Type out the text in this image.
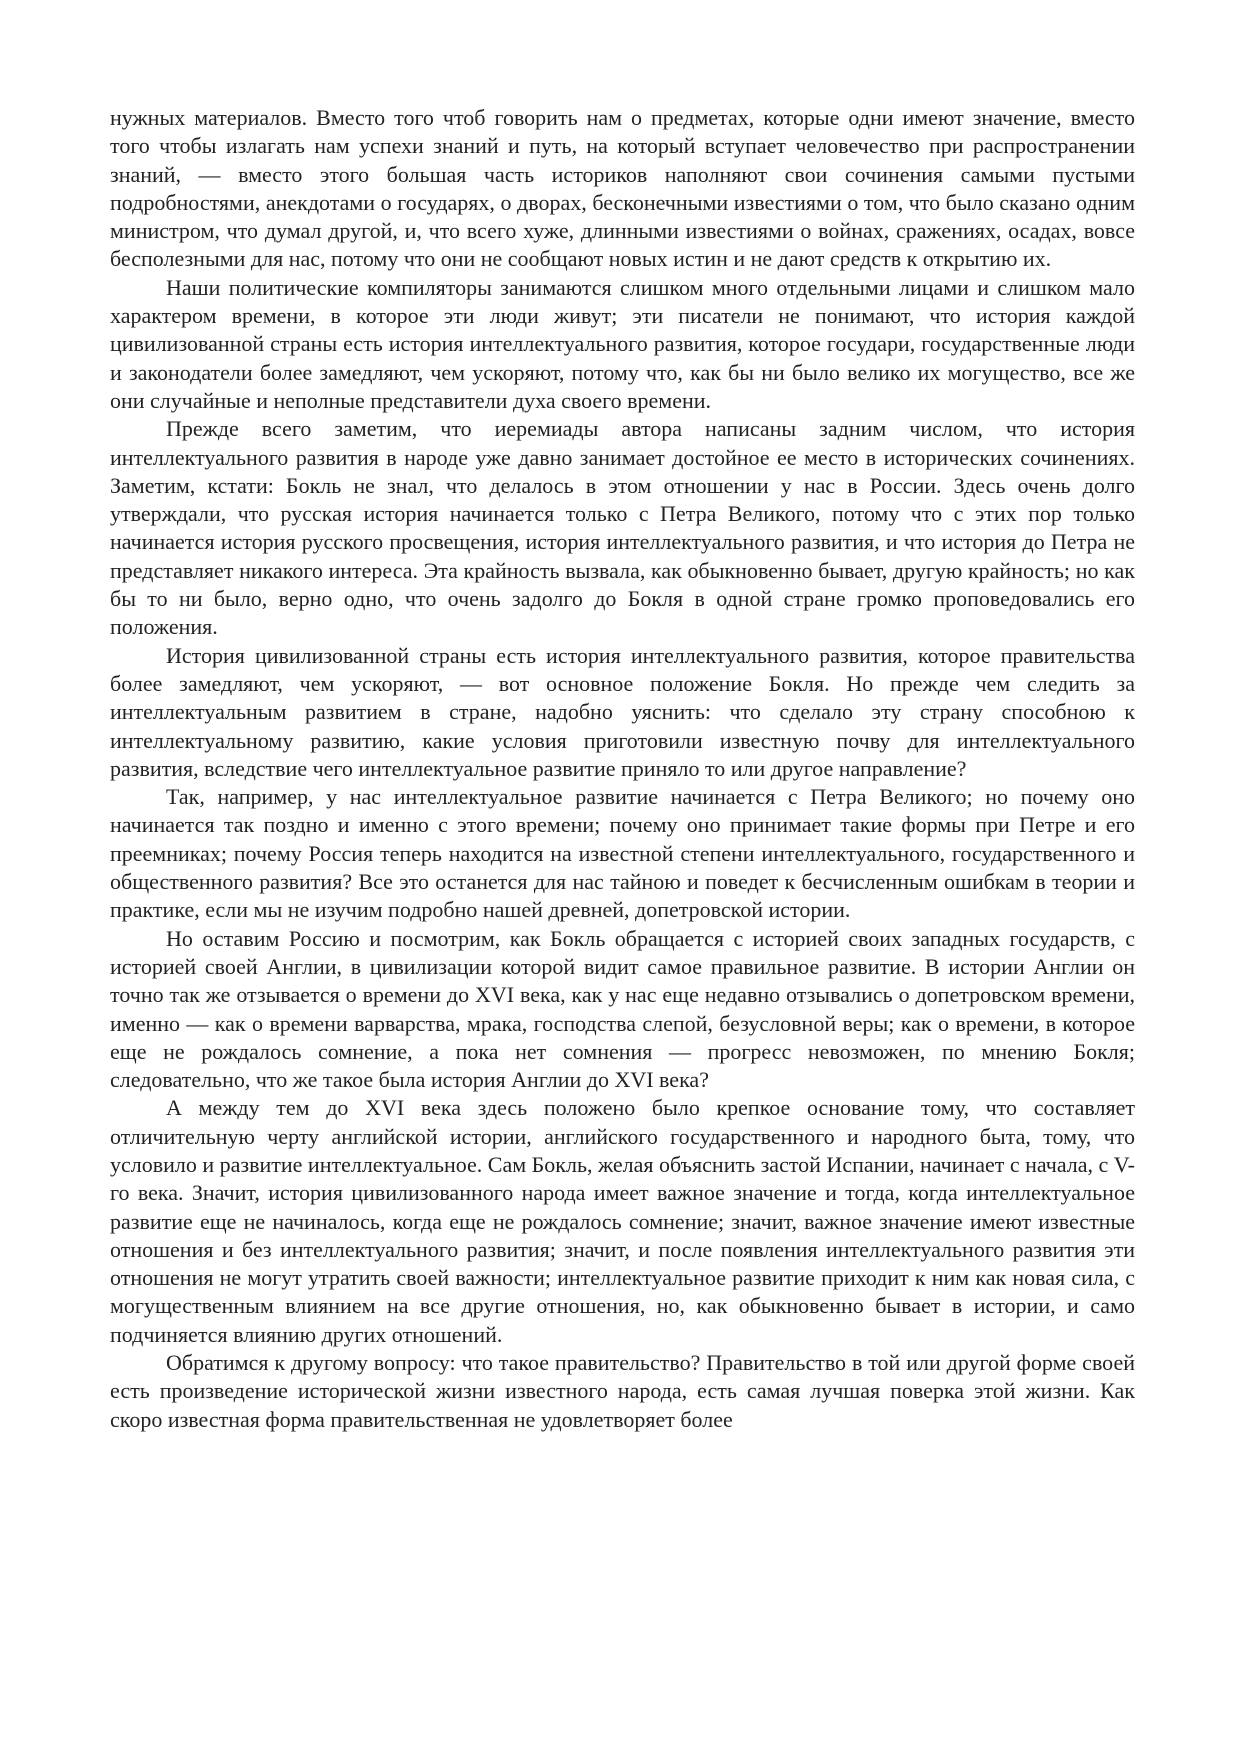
нужных материалов. Вместо того чтоб говорить нам о предметах, которые одни имеют значение, вместо того чтобы излагать нам успехи знаний и путь, на который вступает человечество при распространении знаний, — вместо этого большая часть историков наполняют свои сочинения самыми пустыми подробностями, анекдотами о государях, о дворах, бесконечными известиями о том, что было сказано одним министром, что думал другой, и, что всего хуже, длинными известиями о войнах, сражениях, осадах, вовсе бесполезными для нас, потому что они не сообщают новых истин и не дают средств к открытию их.

Наши политические компиляторы занимаются слишком много отдельными лицами и слишком мало характером времени, в которое эти люди живут; эти писатели не понимают, что история каждой цивилизованной страны есть история интеллектуального развития, которое государи, государственные люди и законодатели более замедляют, чем ускоряют, потому что, как бы ни было велико их могущество, все же они случайные и неполные представители духа своего времени.

Прежде всего заметим, что иеремиады автора написаны задним числом, что история интеллектуального развития в народе уже давно занимает достойное ее место в исторических сочинениях. Заметим, кстати: Бокль не знал, что делалось в этом отношении у нас в России. Здесь очень долго утверждали, что русская история начинается только с Петра Великого, потому что с этих пор только начинается история русского просвещения, история интеллектуального развития, и что история до Петра не представляет никакого интереса. Эта крайность вызвала, как обыкновенно бывает, другую крайность; но как бы то ни было, верно одно, что очень задолго до Бокля в одной стране громко проповедовались его положения.

История цивилизованной страны есть история интеллектуального развития, которое правительства более замедляют, чем ускоряют, — вот основное положение Бокля. Но прежде чем следить за интеллектуальным развитием в стране, надобно уяснить: что сделало эту страну способною к интеллектуальному развитию, какие условия приготовили известную почву для интеллектуального развития, вследствие чего интеллектуальное развитие приняло то или другое направление?

Так, например, у нас интеллектуальное развитие начинается с Петра Великого; но почему оно начинается так поздно и именно с этого времени; почему оно принимает такие формы при Петре и его преемниках; почему Россия теперь находится на известной степени интеллектуального, государственного и общественного развития? Все это останется для нас тайною и поведет к бесчисленным ошибкам в теории и практике, если мы не изучим подробно нашей древней, допетровской истории.

Но оставим Россию и посмотрим, как Бокль обращается с историей своих западных государств, с историей своей Англии, в цивилизации которой видит самое правильное развитие. В истории Англии он точно так же отзывается о времени до XVI века, как у нас еще недавно отзывались о допетровском времени, именно — как о времени варварства, мрака, господства слепой, безусловной веры; как о времени, в которое еще не рождалось сомнение, а пока нет сомнения — прогресс невозможен, по мнению Бокля; следовательно, что же такое была история Англии до XVI века?

А между тем до XVI века здесь положено было крепкое основание тому, что составляет отличительную черту английской истории, английского государственного и народного быта, тому, что условило и развитие интеллектуальное. Сам Бокль, желая объяснить застой Испании, начинает с начала, с V-го века. Значит, история цивилизованного народа имеет важное значение и тогда, когда интеллектуальное развитие еще не начиналось, когда еще не рождалось сомнение; значит, важное значение имеют известные отношения и без интеллектуального развития; значит, и после появления интеллектуального развития эти отношения не могут утратить своей важности; интеллектуальное развитие приходит к ним как новая сила, с могущественным влиянием на все другие отношения, но, как обыкновенно бывает в истории, и само подчиняется влиянию других отношений.

Обратимся к другому вопросу: что такое правительство? Правительство в той или другой форме своей есть произведение исторической жизни известного народа, есть самая лучшая поверка этой жизни. Как скоро известная форма правительственная не удовлетворяет более
